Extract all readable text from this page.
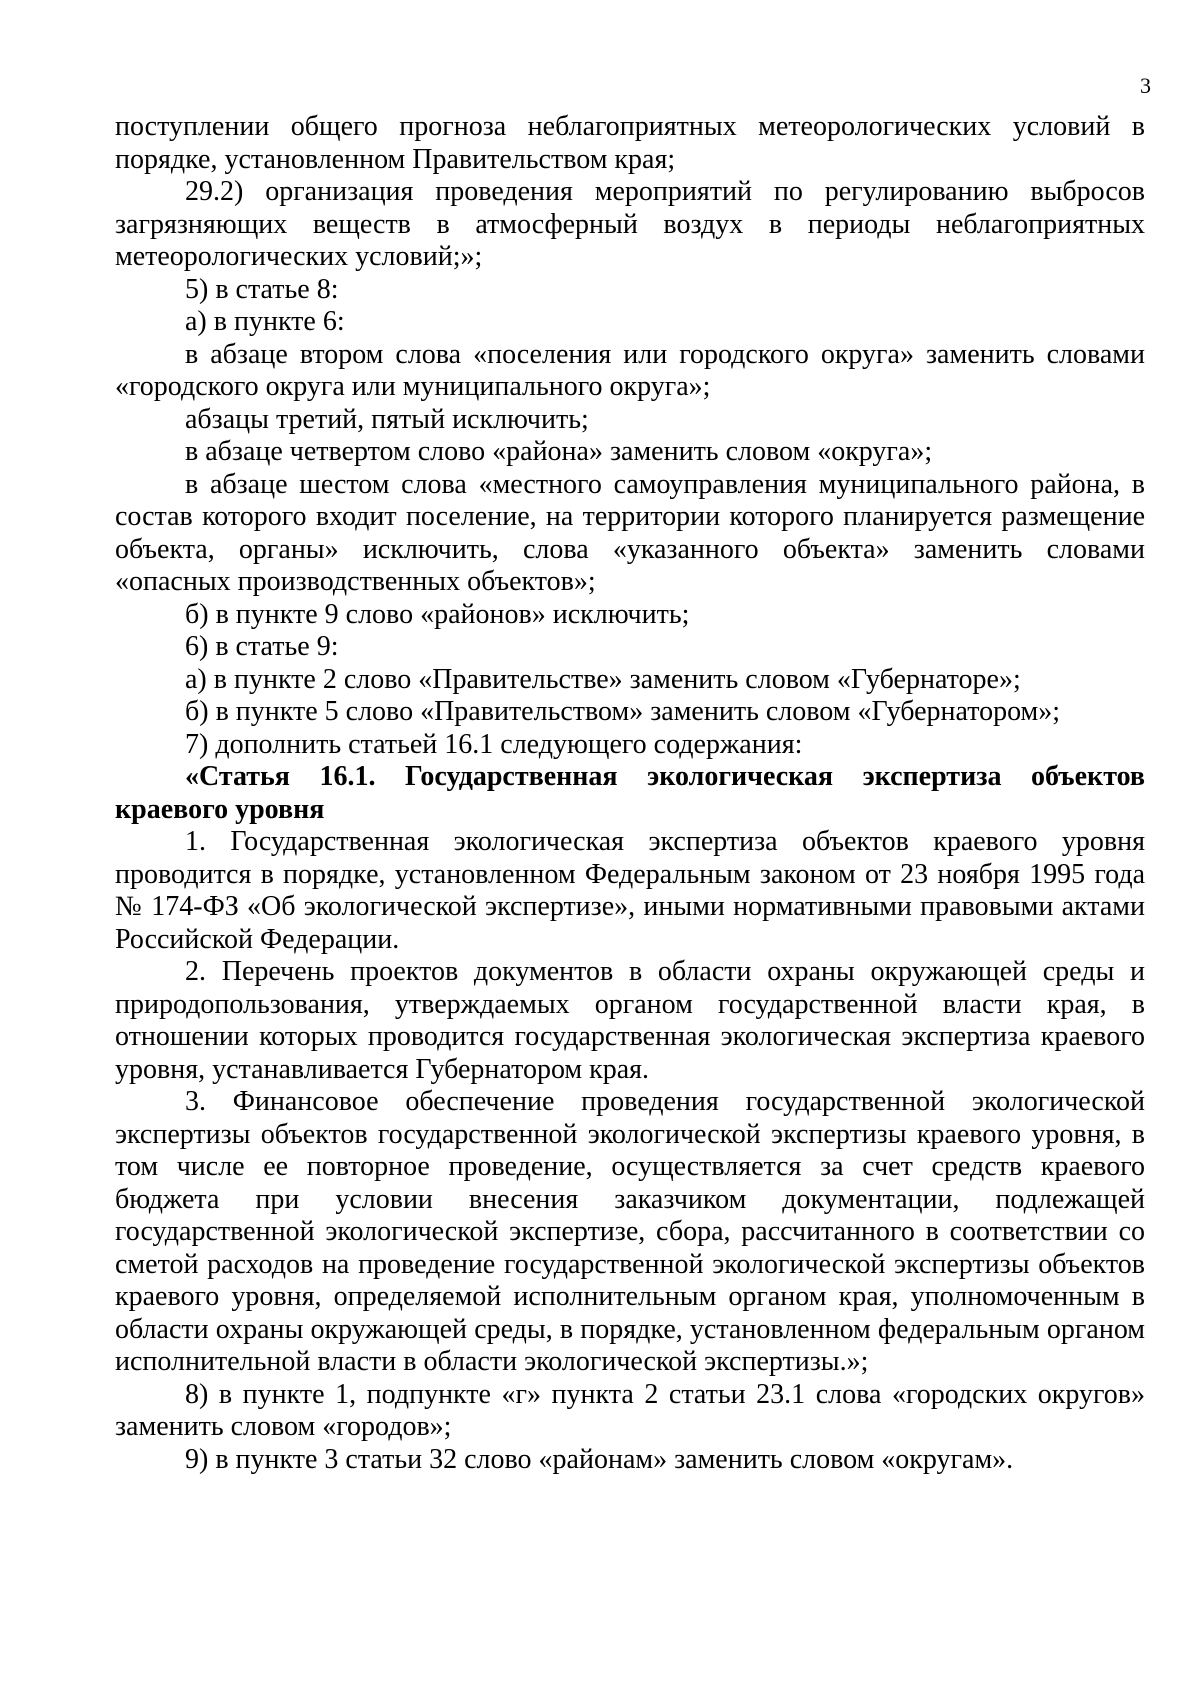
3

поступлении общего прогноза неблагоприятных метеорологических условий в порядке, установленном Правительством края;

29.2) организация проведения мероприятий по регулированию выбросов загрязняющих веществ в атмосферный воздух в периоды неблагоприятных метеорологических условий;»;

5) в статье 8:

а) в пункте 6:

в абзаце втором слова «поселения или городского округа» заменить словами «городского округа или муниципального округа»;

абзацы третий, пятый исключить;

в абзаце четвертом слово «района» заменить словом «округа»;

в абзаце шестом слова «местного самоуправления муниципального района, в состав которого входит поселение, на территории которого планируется размещение объекта, органы» исключить, слова «указанного объекта» заменить словами «опасных производственных объектов»;

б) в пункте 9 слово «районов» исключить;

6) в статье 9:

а) в пункте 2 слово «Правительстве» заменить словом «Губернаторе»;

б) в пункте 5 слово «Правительством» заменить словом «Губернатором»;

7) дополнить статьей 16.1 следующего содержания:

«Статья 16.1. Государственная экологическая экспертиза объектов краевого уровня

1. Государственная экологическая экспертиза объектов краевого уровня проводится в порядке, установленном Федеральным законом от 23 ноября 1995 года № 174-ФЗ «Об экологической экспертизе», иными нормативными правовыми актами Российской Федерации.

2. Перечень проектов документов в области охраны окружающей среды и природопользования, утверждаемых органом государственной власти края, в отношении которых проводится государственная экологическая экспертиза краевого уровня, устанавливается Губернатором края.

3. Финансовое обеспечение проведения государственной экологической экспертизы объектов государственной экологической экспертизы краевого уровня, в том числе ее повторное проведение, осуществляется за счет средств краевого бюджета при условии внесения заказчиком документации, подлежащей государственной экологической экспертизе, сбора, рассчитанного в соответствии со сметой расходов на проведение государственной экологической экспертизы объектов краевого уровня, определяемой исполнительным органом края, уполномоченным в области охраны окружающей среды, в порядке, установленном федеральным органом исполнительной власти в области экологической экспертизы.»;

8) в пункте 1, подпункте «г» пункта 2 статьи 23.1 слова «городских округов» заменить словом «городов»;

9) в пункте 3 статьи 32 слово «районам» заменить словом «округам».
